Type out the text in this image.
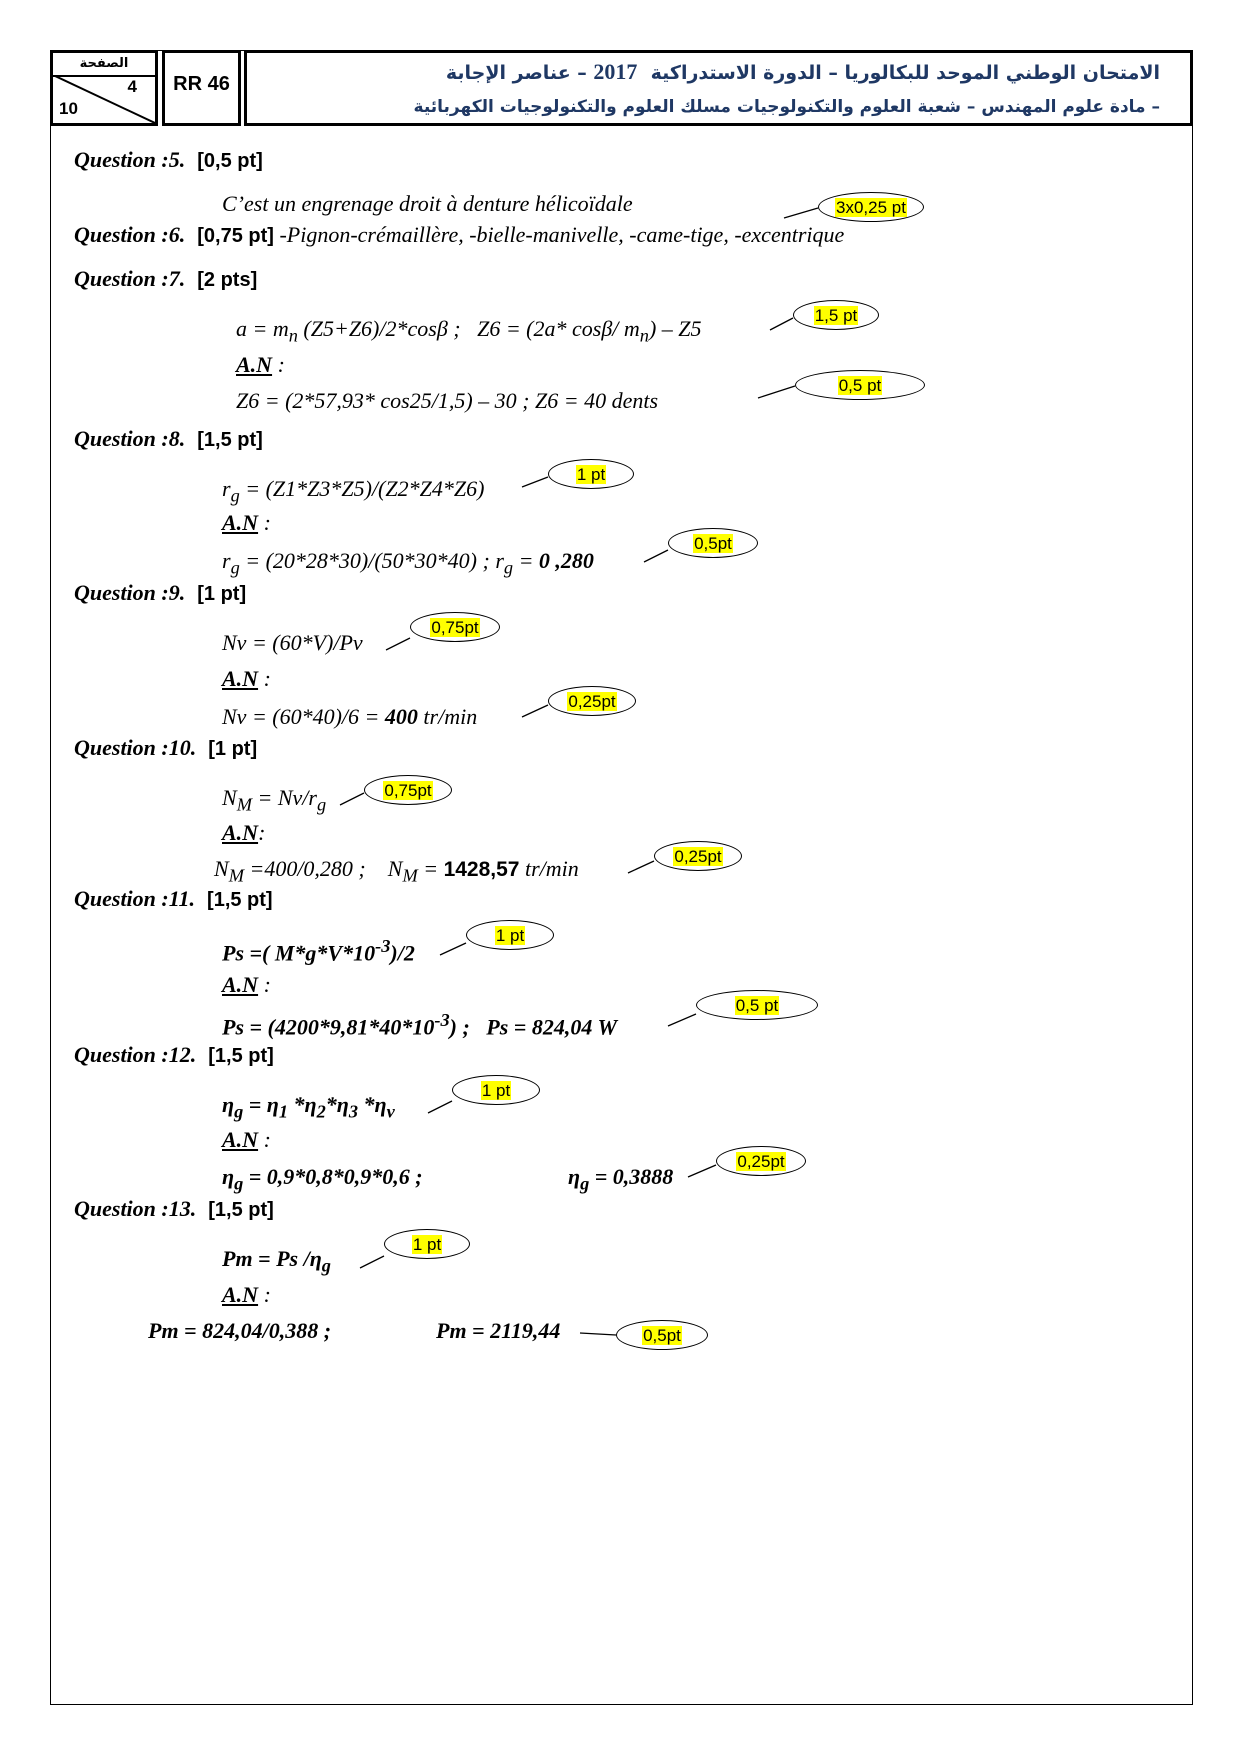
الصفحة
4
10
RR 46	الامتحان الوطني الموحد للبكالوريا – الدورة الاستدراكية  2017 – عناصر الإجابة
– مادة علوم المهندس – شعبة العلوم والتكنولوجيات مسلك العلوم والتكنولوجيات الكهربائية
Question :5. [0,5 pt]
C’est un engrenage droit à denture hélicoïdale	3x0,25 pt
Question :6. [0,75 pt] -Pignon-crémaillère, -bielle-manivelle, -came-tige, -excentrique
Question :7. [2 pts]
$a = m_n$ (Z5+Z6)/2*cosβ ;   Z6 = (2a* cosβ/ $m_n) - Z5$
1,5 pt
A.N :
Z6 = (2*57,93* cos25/1,5) – 30 ; Z6 = 40 dents
0,5 pt
Question :8. [1,5 pt]
$r_g = (Z1*Z3*Z5)/(Z2*Z4*Z6)$
1 pt
A.N :
$r_g = (20*28*30)/(50*30*40)$ ; $r_g = 0$ ,280
0,5pt
Question :9. [1 pt]
Nv = (60*V)/Pv
0,75pt
A.N :
Nv = (60*40)/6 = 400 tr/min
0,25pt
Question :10. [1 pt]
$N_M = Nv/r_g$
0,75pt
A.N:
$N_M =400/0,280$ ;    $N_M = 1428,57$ tr/min	0,25pt
Question :11. [1,5 pt]
Ps =( $M*g*V*10^{-3})/2$
1 pt
A.N :
$Ps = (4200*9,81*40*10^{-3})$ ;   Ps = 824,04 W
0,5 pt
Question :12. [1,5 pt]
$\eta_g = \eta_1$ $*\eta_2*\eta_3$ $*\eta_v$
1 pt
A.N :
$\eta_g = 0,9*0,8*0,9*0,6$ ;	$\eta_g = 0,3888$
0,25pt
Question :13. [1,5 pt]
Pm = Ps $/\eta_g$
1 pt
A.N :
Pm = 824,04/0,388 ;	Pm = 2119,44	0,5pt
